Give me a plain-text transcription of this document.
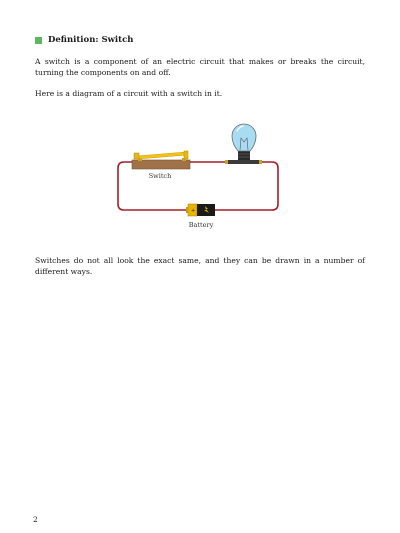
Definition: Switch

A switch is a component of an electric circuit that makes or breaks the circuit, turning the components on and off.

Here is a diagram of a circuit with a switch in it.

Switch
+
Battery

Switches do not all look the exact same, and they can be drawn in a number of different ways.

2
